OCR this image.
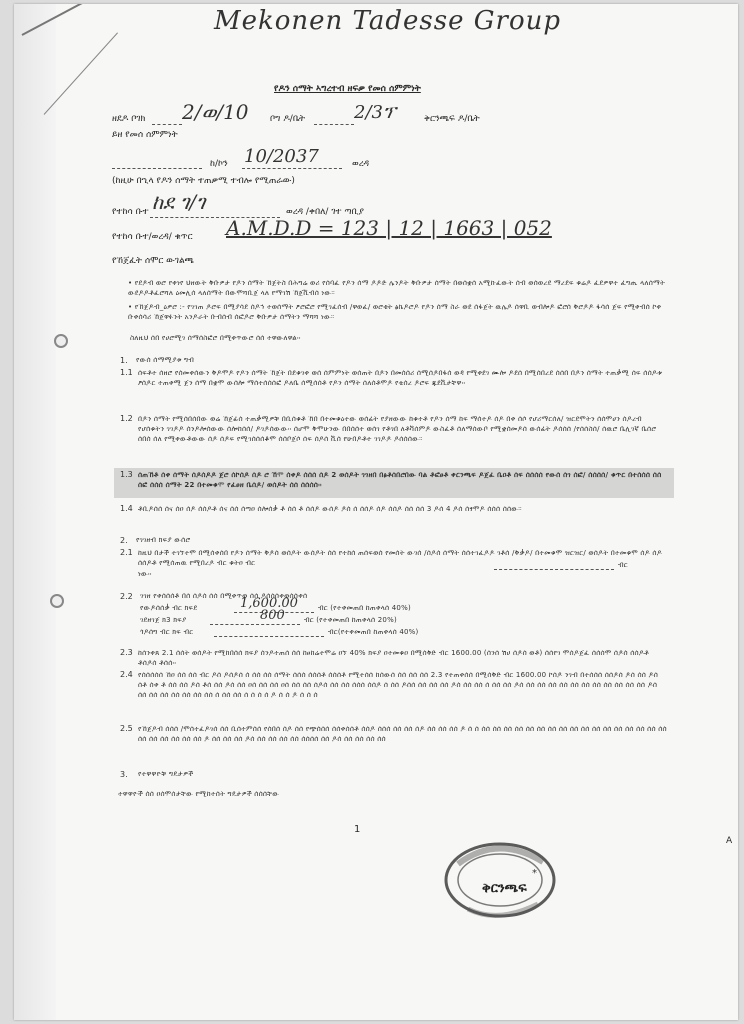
Mekonen Tadesse Group
የዶን ሰማት ኣግረተብ ዘፍቃ የመሰ ሰምምነት
ዘደዶ ቦገክ 2/ወ/10 ቦግ ዶ/ቤት	2/3ፕ	ቅርንጫፍ ዶ/ቤት
ይዘ የመሰ ሰምምነት
ከ/ኮን 10/2037	ወረዳ
(ከዚሁ በኂላ የዶን ሰማት ተጠቃሚ ተብሎ የሚጠራው)
የተከሳ ቡተ ከደ ገ/ገ	ወረዳ /ቀበለ/ ገተ ጣቢያ
የተከሳ ቡተ/ወረዳ/ ቁጥር A.M.D.D = 123 | 12 | 1663 | 052
የኸጀፈት ሰሞር ውገልጫ
• የደዶብ ወሮ የቀነየ ህዘውት ቅቡዎታ የዶን ሰማት ኸጀትስ በሕግሬ ወሪ የሰባፈ የዶን ሰማ ዶዶድ ሌንዶት ቅቡዎታ ሰማት በወሰቋሰ አሚኩፈውት ሰብ ወሰወረደ ማረደፍ ቁሬዶ ፈደዎዋተ ፈግጢ ላለሰማት ውደዶዶቶፈሮሻለ ዕመሊሰ ላለሰማት በውሞሻቢጀ ላለ የማገሽ ኸጀቪብሰ ነው።
• የኸጀዶብ_ዕዎሮ :- የገገጠ ዶሮፍ በሚያሳደ ሰዶኅ ተወሰማት ፆሮፎሮ የሚገፈሰብ /ዋወፈ/ ወሮቂት ፅኬዶሮዶ የዶን ሰማ ስራ ወደ ሰፋጀት ዉሌዶ ሰዋቢ ወብሎዶ ፎሮሰ ቅሮዶዶ ፋሳሰ ጀፍ የሚቀብሰ ኮቀ ቡቀሰሳሪ ኸጀዋፉንት አንዶራት ቡብሰብ ሰፎዶሮ ቅቡዎታ ሰማትን ማሻሻ ነው።
ስለዚህ ሰበ የሀሮሚገ ሰማሰስፎሮ በሚቀጥውሮ ሰሰ ተዋውለዋል፡፡
1. የውሰ ሰማሚያቱ ግብ
1.1 ሰፍቶተ ሰዘሮ የሰመቀሰውን ቅዶሞዶ የዶን ሰማት ኸጀት በደቁገቀ ወሰ ሰምምነት ወሰጠት በዶን በመሰሰሪ ሰሚሰዶበፋሰ ወዳ የሚቀደገ ሙሎ ዶደሰ በሚሰበረደ ሰሰበ በዶን ሰማት ተጠቃሚ ሰፍ ሰሰዶቱ ፆሰዶር ተጠቀሚ ጀን ሰማ በቋሞ ውሰሎ ማሰተሰሰሰፎ ዶለቤ ሰሚሰሰቶ የዶን ሰማት ሰለሰቶሞዶ የቴሰረ ዶሮፍ ጁደቪታቸዋ፡፡
1.2 በዶን ሰማት የሚሰበሰበው ወሬ ኸጀፊሰ ተጠቃሚዎቹ በቢሰቁቶ ኸበ በተመቁዕተው ወሰፊት የያዘውው ከቁተቶ የዶን ሰማ ከፍ ማሰተዶ ሰዶ በቀ ሰሶ የሆሪማርሰለ/ ዝርደሞትን ሰሰሞሀን ሰዶረብ የሆሰቁትን ገገዶዶ ሰንዶሎሰውው ሰሎከሰሰ/ ዶገዶሰውው፡፡ ሰሆሞ ቅሞሁንው በበሰሰተ ወሰገ የቶገበ ለቶቫሰምዶ ውስፈቶ ሰለማሰውቦ የሚቋሰመዶሰ ውሰፊት ዶሰሰሰ /የሰሰስሰ/ ሰዉሮ ቤሊገኛ ቤሰሮ ሰበሰ ሰለ የሚቀውቶውው ሰዶ ሰዶፍ የሚገሰሰሰቆሞ ሰሰቦጀሶ ሰፍ ሰዶሰ ቪሰ የሁበዶቶተ ገገዶዶ ዶሰሰሰው።
1.3 ሰጠኸቶ ሰቀ ሰማት ሰዶሰዶዶ ጀሮ ሰኮሰዶ ሰዶ ሮ ኸሞ ሰቀዶ ሰሰሰ ሰዶ 2 ወሰዶት ገገዘበ በፅቶሰበሮበው ባል ቶፎፀቶ ቀርንጫፍ ዶጀፈ ቤዐቶ ሰፍ ሰሰሰሰ የውሰ ሰገ ሰፎ/ ሰሰሰሰ/ ቁጥር በተሰሰሰ ሰሰ ሰፎ ሰሰሰ ሰማት 22 በተመቁሞ የፈፀዘ ቤሰዶ/ ወሰዶት ሰሰ ሰሰሰሰ፡፡
1.4 ቶቢዶሰሰ ሰና ሰዐ ሰዶ ሰሰዶቶ ሰና ሰሰ ሰጣዐ ሰሎሰቃ ቶ ሰሰ ቶ ሰሰዶ ውሰዶ ዶሰ ሰ ሰሰዶ ሰዶ ሰሰዶ ሰሰ ሰሰ 3 ዶሰ 4 ዶሰ ሰፃሞዶ ሰሰሰ ሰሰው።
2. የገገዘብ ክፍያ ውሰሮ
2.1 ከዚህ በታች ተገኘተሞ በሚሰቀሰበ የዶን ሰማት ቅዶሰ ወሰዶት ውሰዶት ሰሰ የተከሰ ጠሰፍወሰ የመሰት ውገሰ /ሰዶሰ ሰማት ሰሰተገፈዶዶ ገቶሰ /ቅቃዶ/ በተመቁሞ ዝርዝር/ ወሰዶት በተመቁሞ ሰዶ ሰዶ ሰሰዶቶ የሚሰጠዉ የሚበረዶ ብር ቁትዐ ብር	ብር
ነው፡፡
2.2 ገገዘ የቀሰሰሰቶ በሰ ሰዶሰ ሰሰ በሚቀጥወ ሰሰ ዶሰሰሰቀወሰሰቀሰ
የውዶሰሰቃ ብር ክፍደ	1,600.00	ብር (የተቀመጠበ ከጠቀላሰ 40%)
ገደዘገጀ ክ3 ክፍያ	800	ብር (የተቀመጠበ ከጠቀላሰ 20%)
ጎዶሰግ ብር ክፍ ብር	ብር(የተቀመጠበ ከጠቀላሰ 40%)
2.3 ከሰንቀጸ 2.1 ሰሰት ወሰዶት የሚከበሰሰ ክፍያ ሰንዶተጠሰ ሰሰ ከፀከሬተሞሬ ዐኘ 40% ክፍያ ዐተመቁዐ በሚሰቅድ ብር 1600.00 (ሰንሰ ሽሀ ሰዶሰ ወቶ) ሰሰየገ ሞሰዶጀፈ ሰሰሰሞ ሰዶሰ ሰሰዶቶ ቶሰዶሰ ቶሰሰ፡፡
2.4 የሰሰሰሰሰ ኸዐ ሰሰ ሰሰ ብር ዶሰ ዶሰዶሰ ሰ ሰሰ ሰሰ ሰማት ሰሰሰ ሰሰሰቶ ሰሰሰቶ የሚተሰሰ ከሰውሰ ሰሰ ሰሰ ሰሰ 2.3 የተጠቀሰሰ በሚሰቅድ ብር 1600.00 ኮሰዶ ንገብ በተሰሰሰ ሰሰዶሰ ዶሰ ሰሰ ዶሰ ሰቶ ሰቀ ቶ ሰሰ ሰሰ ዶሰ ቶሰ ሰሰ ዶሰ ሰሰ ዐሰ ሰሰ ሰሰ ዐሰ ሰሰ ሰሰ ሰዶሰ ሰሰ ሰሰ ሰሰሰ ሰሰዶ ሰ ሰሰ ዶሰሰ ሰሰ ሰሰ ሰሰ ዶሰ ሰሰ ሰሰ ሰ ሰሰ ሰሰ ዶሰ ሰሰ ሰሰ ሰሰ ሰሰ ሰሰ ሰሰ ሰሰ ሰሰ ሰሰ ሰሰ ሰሰ ዶሰ ሰሰ ሰሰ ሰሰ ሰሰ ሰሰ ሰሰ ሰሰ ሰ ሰሰ ሰሰ ሰ ሰ ሰ ሰ ዶ ሰ ሰ ዶ ሰ ሰ ሰ
2.5 የኸጀዶብ ሰሰሰ /ሞሰተፈዶገሰ ሰሰ ቢሰተምሰሰ የሰበሰ ሰዶ ሰሰ የጭሰሰሰ ሰሰቀሰሰቶ ሰሰዶ ሰሰሰ ሰሰ ሰሰ ሰዶ ሰሰ ሰሰ ሰሰ ዶ ሰ ሰ ሰሰ ሰሰ ሰሰ ሰሰ ሰሰ ሰሰ ሰሰ ሰሰ ሰሰ ሰሰ ሰሰ ሰሰ ሰሰ ሰሰ ሰሰ ሰሰ ሰሰ ሰሰ ሰሰ ሰሰ ሰሰ ሰሰ ሰሰ ዶ ሰሰ ሰሰ ሰሰ ዶሰ ሰሰ ሰሰ ሰሰ ሰሰ ሰሰሰሰ ሰሰ ዶሰ ሰሰ ሰሰ ሰሰ ሰሰ
3. የተዋዋዮቹ ግዴታዎች
ተዋዋዮች ሰሰ ዐሰሞሰታቸው የሚከተሰት ግዴታዎች ሰሰሰቸው
1
A
ቅርንጫፍ
*
